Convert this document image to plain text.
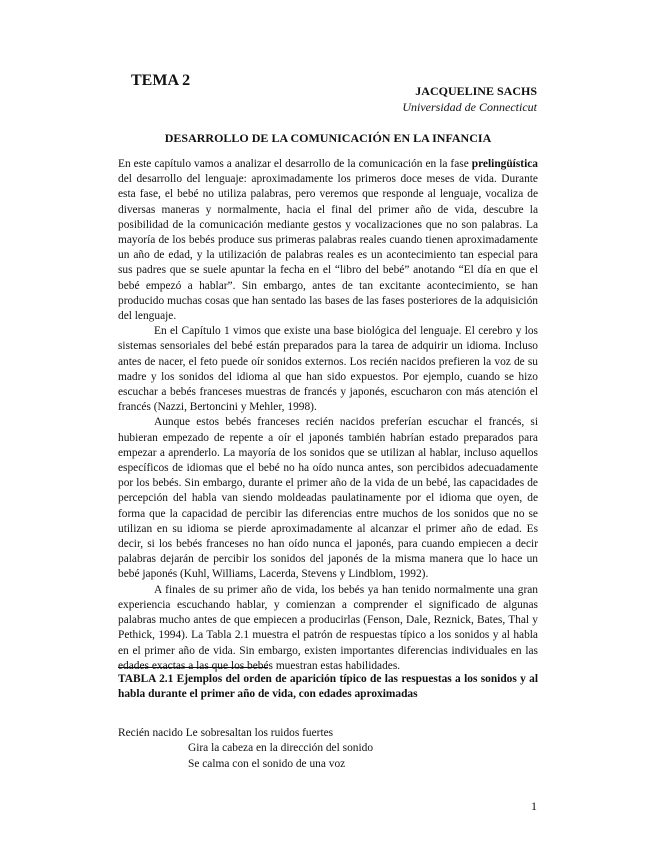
TEMA 2
JACQUELINE SACHS
Universidad de Connecticut
DESARROLLO DE LA COMUNICACIÓN EN LA INFANCIA

En este capítulo vamos a analizar el desarrollo de la comunicación en la fase prelingüística del desarrollo del lenguaje: aproximadamente los primeros doce meses de vida. Durante esta fase, el bebé no utiliza palabras, pero veremos que responde al lenguaje, vocaliza de diversas maneras y normalmente, hacia el final del primer año de vida, descubre la posibilidad de la comunicación mediante gestos y vocalizaciones que no son palabras. La mayoría de los bebés produce sus primeras palabras reales cuando tienen aproximadamente un año de edad, y la utilización de palabras reales es un acontecimiento tan especial para sus padres que se suele apuntar la fecha en el “libro del bebé” anotando “El día en que el bebé empezó a hablar”. Sin embargo, antes de tan excitante acontecimiento, se han producido muchas cosas que han sentado las bases de las fases posteriores de la adquisición del lenguaje.

En el Capítulo 1 vimos que existe una base biológica del lenguaje. El cerebro y los sistemas sensoriales del bebé están preparados para la tarea de adquirir un idioma. Incluso antes de nacer, el feto puede oír sonidos externos. Los recién nacidos prefieren la voz de su madre y los sonidos del idioma al que han sido expuestos. Por ejemplo, cuando se hizo escuchar a bebés franceses muestras de francés y japonés, escucharon con más atención el francés (Nazzi, Bertoncini y Mehler, 1998).

Aunque estos bebés franceses recién nacidos preferían escuchar el francés, si hubieran empezado de repente a oír el japonés también habrían estado preparados para empezar a aprenderlo. La mayoría de los sonidos que se utilizan al hablar, incluso aquellos específicos de idiomas que el bebé no ha oído nunca antes, son percibidos adecuadamente por los bebés. Sin embargo, durante el primer año de la vida de un bebé, las capacidades de percepción del habla van siendo moldeadas paulatinamente por el idioma que oyen, de forma que la capacidad de percibir las diferencias entre muchos de los sonidos que no se utilizan en su idioma se pierde aproximadamente al alcanzar el primer año de edad. Es decir, si los bebés franceses no han oído nunca el japonés, para cuando empiecen a decir palabras dejarán de percibir los sonidos del japonés de la misma manera que lo hace un bebé japonés (Kuhl, Williams, Lacerda, Stevens y Lindblom, 1992).

A finales de su primer año de vida, los bebés ya han tenido normalmente una gran experiencia escuchando hablar, y comienzan a comprender el significado de algunas palabras mucho antes de que empiecen a producirlas (Fenson, Dale, Reznick, Bates, Thal y Pethick, 1994). La Tabla 2.1 muestra el patrón de respuestas típico a los sonidos y al habla en el primer año de vida. Sin embargo, existen importantes diferencias individuales en las edades exactas a las que los bebés muestran estas habilidades.

TABLA 2.1 Ejemplos del orden de aparición típico de las respuestas a los sonidos y al habla durante el primer año de vida, con edades aproximadas
Recién nacido Le sobresaltan los ruidos fuertes
Gira la cabeza en la dirección del sonido
Se calma con el sonido de una voz
1
